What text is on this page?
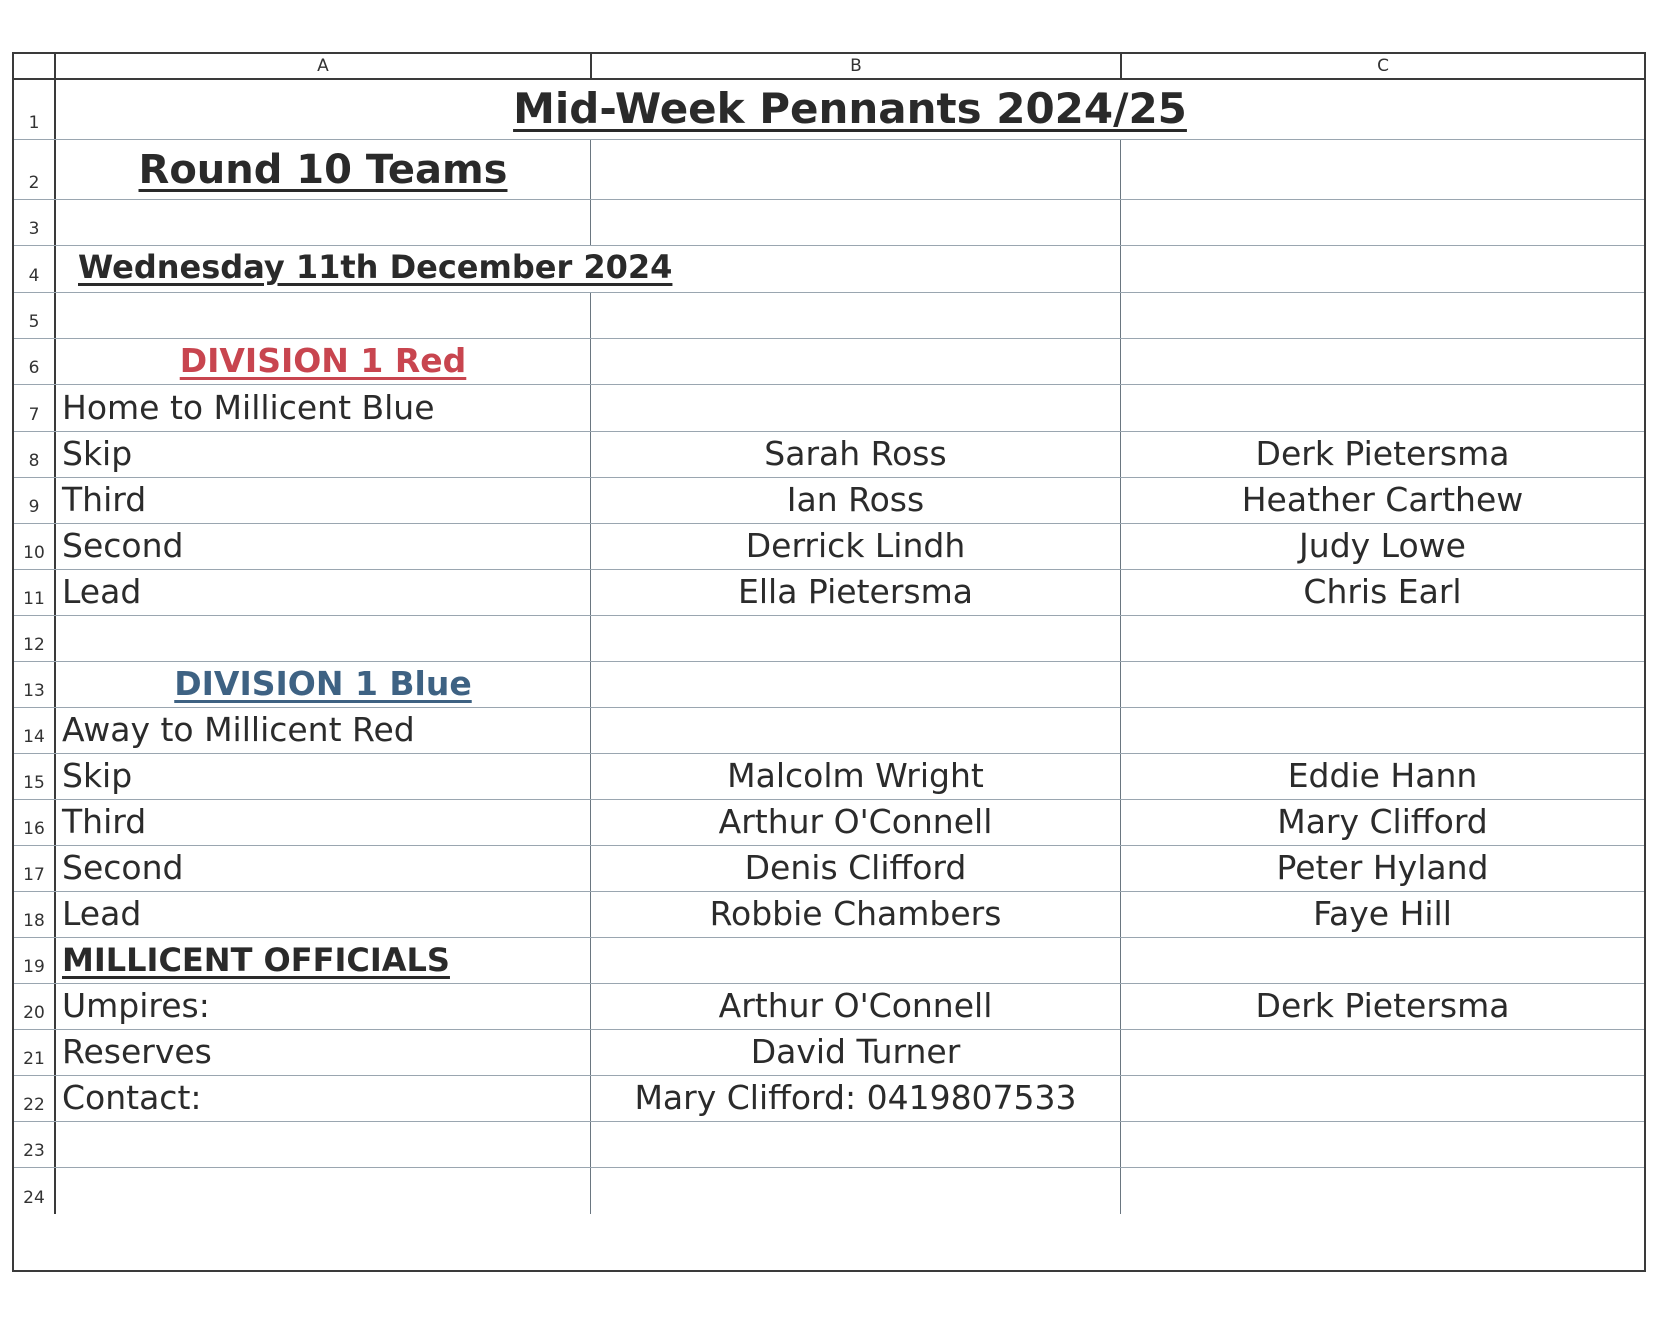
A	B	C
1	Mid-Week Pennants 2024/25
2	Round 10 Teams
3
4	Wednesday 11th December 2024
5
6	DIVISION 1 Red
7 Home to Millicent Blue
8 Skip	Sarah Ross	Derk Pietersma
9 Third	Ian Ross	Heather Carthew
10 Second	Derrick Lindh	Judy Lowe
11 Lead	Ella Pietersma	Chris Earl
12
13	DIVISION 1 Blue
14 Away to Millicent Red
15 Skip	Malcolm Wright	Eddie Hann
16 Third	Arthur O'Connell	Mary Clifford
17 Second	Denis Clifford	Peter Hyland
18 Lead	Robbie Chambers	Faye Hill
19 MILLICENT OFFICIALS
20 Umpires:	Arthur O'Connell	Derk Pietersma
21 Reserves	David Turner
22 Contact:	Mary Clifford: 0419807533
23
24
